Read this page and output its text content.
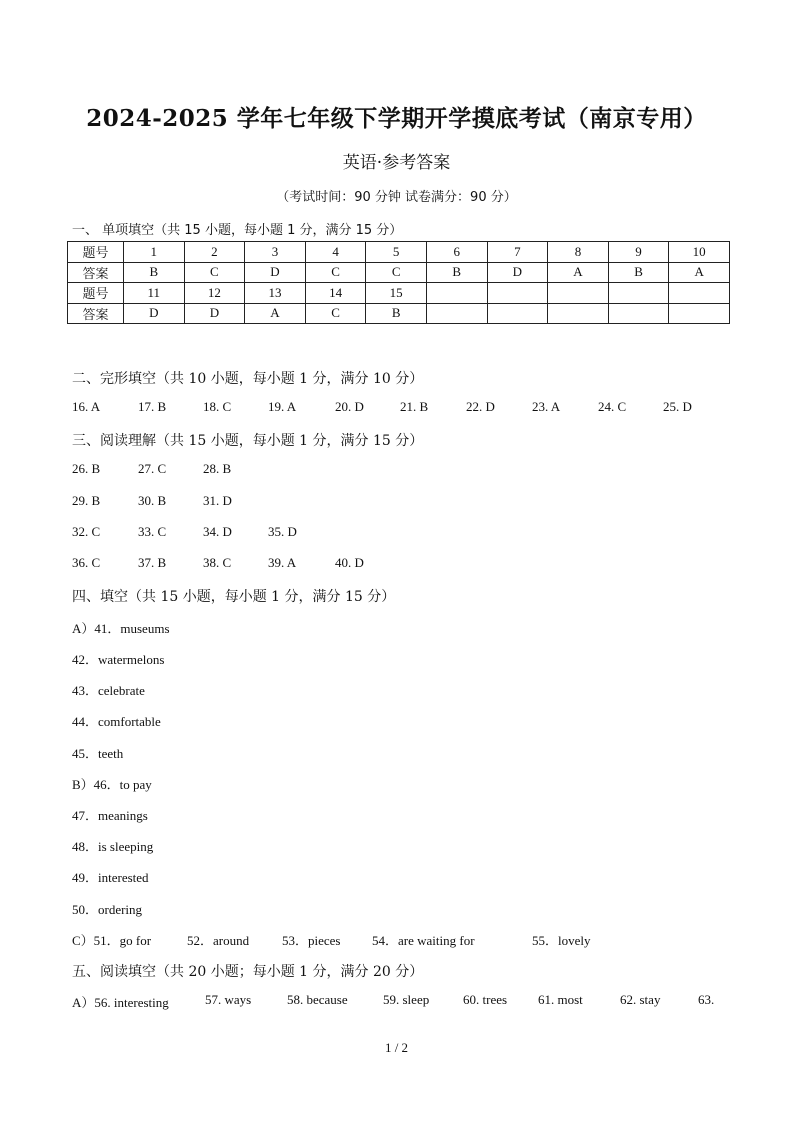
2024-2025 学年七年级下学期开学摸底考试（南京专用）
英语·参考答案
（考试时间：90 分钟 试卷满分：90 分）
一、 单项填空（共 15 小题，每小题 1 分，满分 15 分）
题号	1	2	3	4	5	6	7	8	9	10
答案	B	C	D	C	C	B	D	A	B	A
题号	11	12	13	14	15					
答案	D	D	A	C	B					
二、完形填空（共 10 小题，每小题 1 分，满分 10 分）
16. A	17. B	18. C	19. A	20. D	21. B	22. D	23. A	24. C	25. D
三、阅读理解（共 15 小题，每小题 1 分，满分 15 分）
26. B	27. C	28. B
29. B	30. B	31. D
32. C	33. C	34. D	35. D
36. C	37. B	38. C	39. A	40. D
四、填空（共 15 小题，每小题 1 分，满分 15 分）
A）41．museums
42．watermelons
43．celebrate
44．comfortable
45．teeth
B）46．to pay
47．meanings
48．is sleeping
49．interested
50．ordering
C）51．go for	52．around	53．pieces 54．are waiting for	55．lovely
五、阅读填空（共 20 小题；每小题 1 分，满分 20 分）
A）56. interesting	57. ways	58. because	59. sleep	60. trees 61. most	62. stay	63.
1 / 2
